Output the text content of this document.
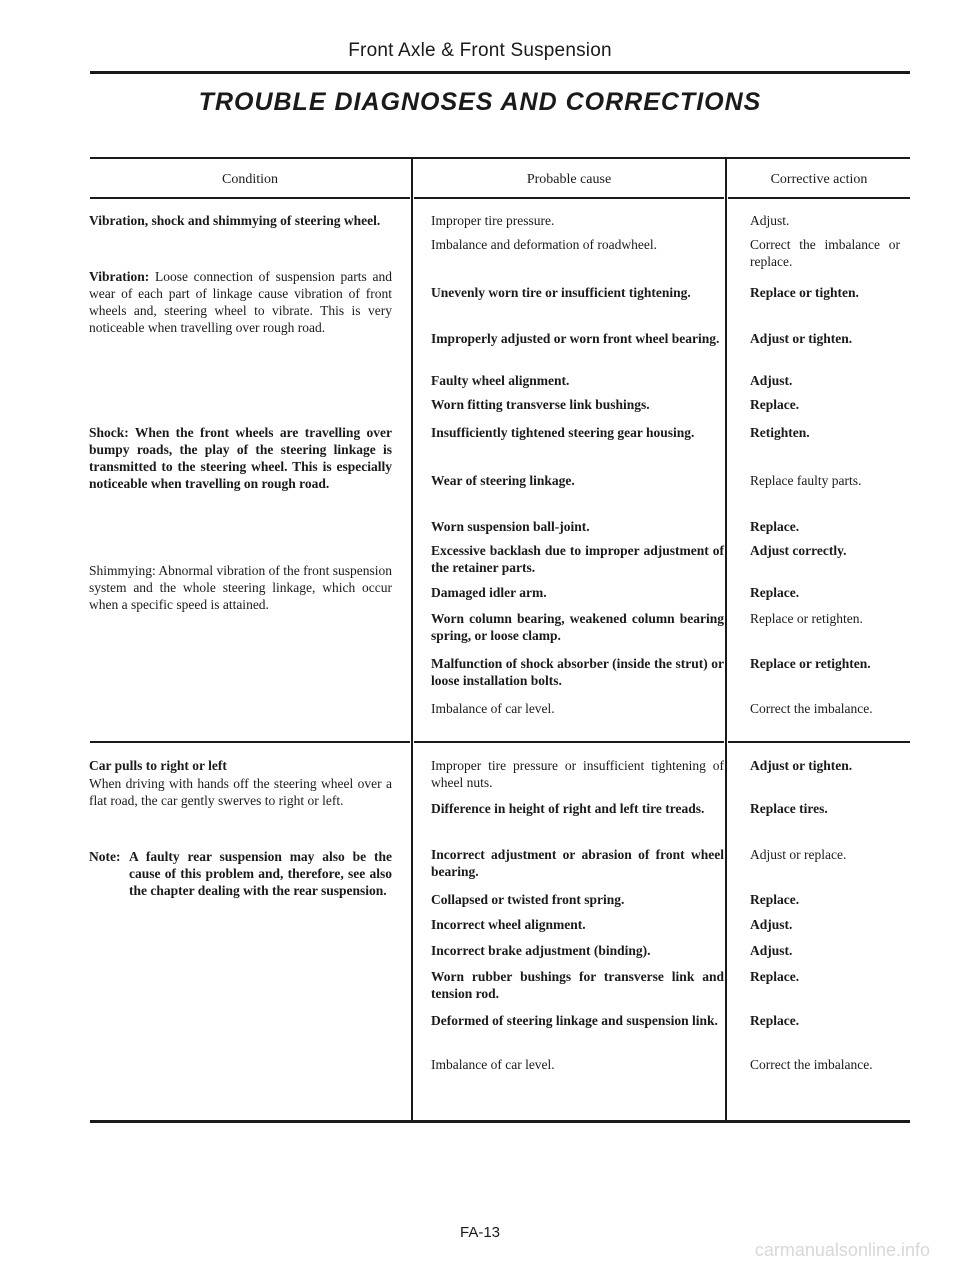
Front Axle & Front Suspension
TROUBLE DIAGNOSES AND CORRECTIONS
Condition	Probable cause	Corrective action
Vibration, shock and shimmying of steering wheel.
Vibration: Loose connection of suspension parts and wear of each part of linkage cause vibration of front wheels and, steering wheel to vibrate. This is very noticeable when travelling over rough road.
Shock: When the front wheels are travelling over bumpy roads, the play of the steering linkage is transmitted to the steering wheel. This is especially noticeable when travelling on rough road.
Shimmying: Abnormal vibration of the front suspension system and the whole steering linkage, which occur when a specific speed is attained.
Improper tire pressure.
Imbalance and deformation of roadwheel.
Unevenly worn tire or insufficient tightening.
Improperly adjusted or worn front wheel bearing.
Faulty wheel alignment.
Worn fitting transverse link bushings.
Insufficiently tightened steering gear housing.
Wear of steering linkage.
Worn suspension ball-joint.
Excessive backlash due to improper adjustment of the retainer parts.
Damaged idler arm.
Worn column bearing, weakened column bearing spring, or loose clamp.
Malfunction of shock absorber (inside the strut) or loose installation bolts.
Imbalance of car level.
Adjust.
Correct the imbalance or replace.
Replace or tighten.
Adjust or tighten.
Adjust.
Replace.
Retighten.
Replace faulty parts.
Replace.
Adjust correctly.
Replace.
Replace or retighten.
Replace or retighten.
Correct the imbalance.
Car pulls to right or left
When driving with hands off the steering wheel over a flat road, the car gently swerves to right or left.
Note: A faulty rear suspension may also be the cause of this problem and, therefore, see also the chapter dealing with the rear suspension.
Improper tire pressure or insufficient tightening of wheel nuts.
Difference in height of right and left tire treads.
Incorrect adjustment or abrasion of front wheel bearing.
Collapsed or twisted front spring.
Incorrect wheel alignment.
Incorrect brake adjustment (binding).
Worn rubber bushings for transverse link and tension rod.
Deformed of steering linkage and suspension link.
Imbalance of car level.
Adjust or tighten.
Replace tires.
Adjust or replace.
Replace.
Adjust.
Adjust.
Replace.
Replace.
Correct the imbalance.
FA-13
carmanualsonline.info
